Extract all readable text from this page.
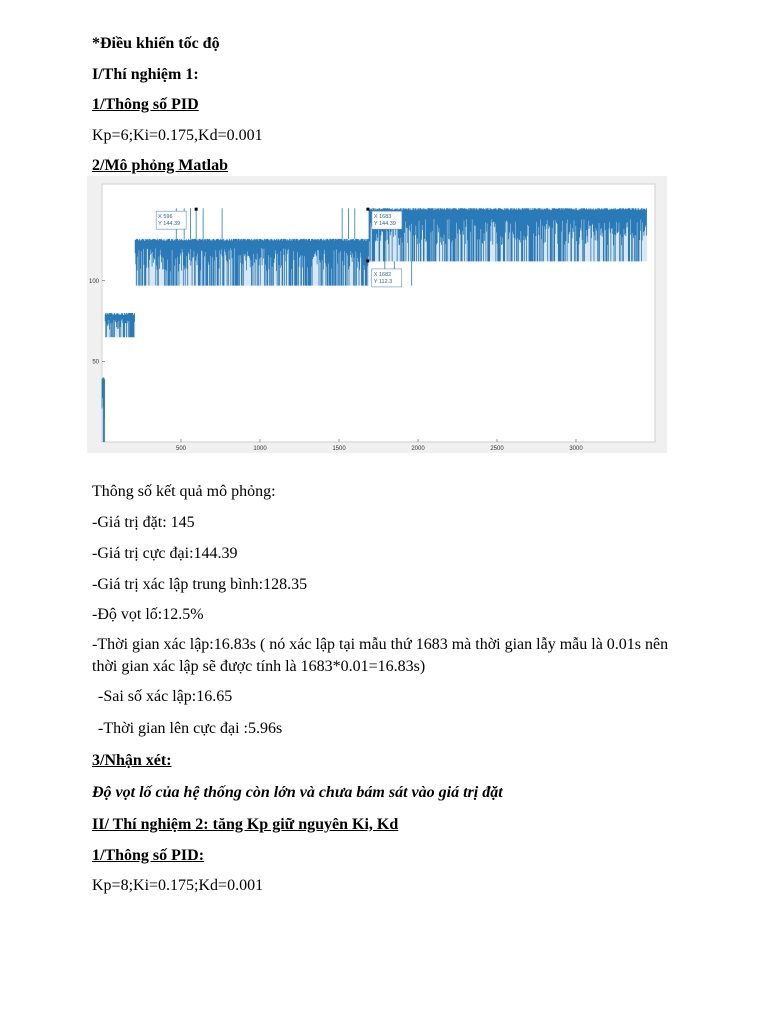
*Điều khiển tốc độ
I/Thí nghiệm 1:
1/Thông số PID
Kp=6;Ki=0.175,Kd=0.001
2/Mô phỏng Matlab
500	1000	1500	2000	2500	3000
50
100
X 596
Y 144.39
X 1683
Y 144.39
X 1682
Y 112.3
Thông số kết quả mô phỏng:
-Giá trị đặt: 145
-Giá trị cực đại:144.39
-Giá trị xác lập trung bình:128.35
-Độ vọt lố:12.5%
-Thời gian xác lập:16.83s ( nó xác lập tại mẫu thứ 1683 mà thời gian lẫy mẫu là 0.01s nên thời gian xác lập sẽ được tính là 1683*0.01=16.83s)
-Sai số xác lập:16.65
-Thời gian lên cực đại :5.96s
3/Nhận xét:
Độ vọt lố của hệ thống còn lớn và chưa bám sát vào giá trị đặt
II/ Thí nghiệm 2: tăng Kp giữ nguyên Ki, Kd
1/Thông số PID:
Kp=8;Ki=0.175;Kd=0.001
